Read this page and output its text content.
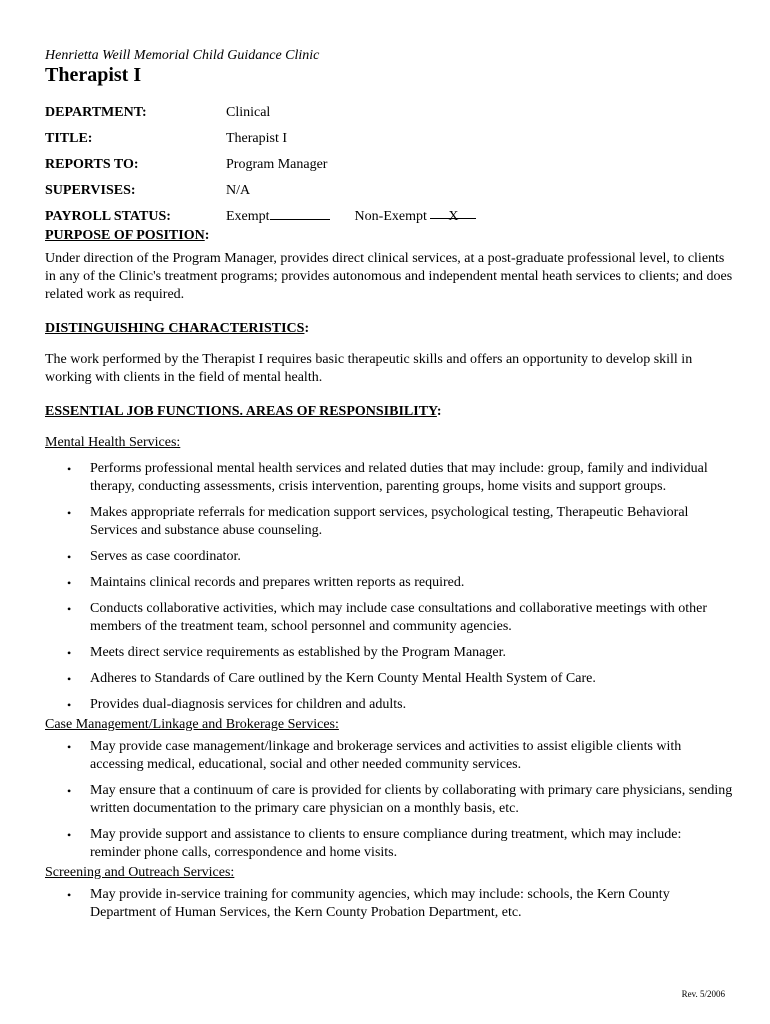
Henrietta Weill Memorial Child Guidance Clinic
Therapist I
DEPARTMENT:	Clinical
TITLE:	Therapist I
REPORTS TO:	Program Manager
SUPERVISES:	N/A
PAYROLL STATUS:	Exempt	Non-Exempt X
PURPOSE OF POSITION:

Under direction of the Program Manager, provides direct clinical services, at a post-graduate professional level, to clients in any of the Clinic's treatment programs; provides autonomous and independent mental heath services to clients; and does related work as required.

DISTINGUISHING CHARACTERISTICS:

The work performed by the Therapist I requires basic therapeutic skills and offers an opportunity to develop skill in working with clients in the field of mental health.

ESSENTIAL JOB FUNCTIONS. AREAS OF RESPONSIBILITY:
Mental Health Services:
• Performs professional mental health services and related duties that may include: group, family and individual therapy, conducting assessments, crisis intervention, parenting groups, home visits and support groups.
• Makes appropriate referrals for medication support services, psychological testing, Therapeutic Behavioral Services and substance abuse counseling.
• Serves as case coordinator.
• Maintains clinical records and prepares written reports as required.
• Conducts collaborative activities, which may include case consultations and collaborative meetings with other members of the treatment team, school personnel and community agencies.
• Meets direct service requirements as established by the Program Manager.
• Adheres to Standards of Care outlined by the Kern County Mental Health System of Care.
• Provides dual-diagnosis services for children and adults.
Case Management/Linkage and Brokerage Services:
• May provide case management/linkage and brokerage services and activities to assist eligible clients with accessing medical, educational, social and other needed community services.
• May ensure that a continuum of care is provided for clients by collaborating with primary care physicians, sending written documentation to the primary care physician on a monthly basis, etc.
• May provide support and assistance to clients to ensure compliance during treatment, which may include: reminder phone calls, correspondence and home visits.
Screening and Outreach Services:
• May provide in-service training for community agencies, which may include: schools, the Kern County Department of Human Services, the Kern County Probation Department, etc.
Rev. 5/2006
